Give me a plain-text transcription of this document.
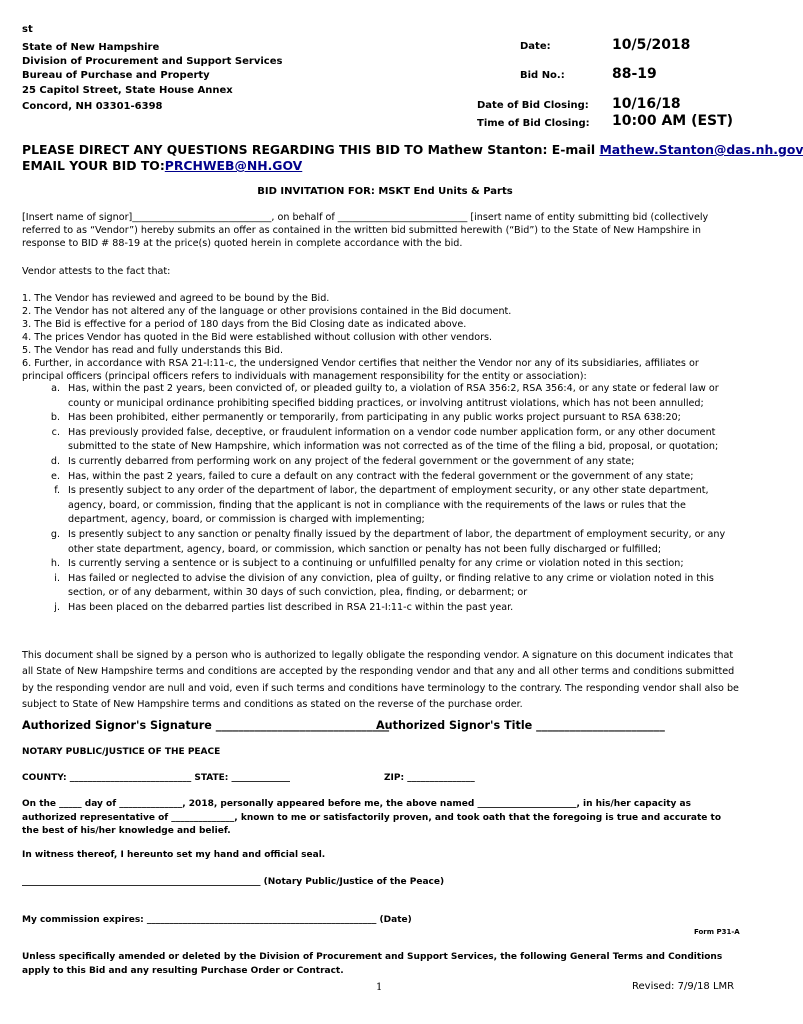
st
State of New Hampshire
Division of Procurement and Support Services
Bureau of Purchase and Property
25 Capitol Street, State House Annex
Concord, NH 03301-6398
Date:	10/5/2018
Bid No.:	88-19
Date of Bid Closing: 10/16/18
Time of Bid Closing: 10:00 AM (EST)
PLEASE DIRECT ANY QUESTIONS REGARDING THIS BID TO Mathew Stanton: E-mail Mathew.Stanton@das.nh.gov
EMAIL YOUR BID TO:PRCHWEB@NH.GOV
BID INVITATION FOR: MSKT End Units & Parts
[Insert name of signor]_____________________________, on behalf of ___________________________ [insert name of entity submitting bid (collectively referred to as “Vendor”) hereby submits an offer as contained in the written bid submitted herewith (“Bid”) to the State of New Hampshire in response to BID # 88-19 at the price(s) quoted herein in complete accordance with the bid.
Vendor attests to the fact that:
1. The Vendor has reviewed and agreed to be bound by the Bid.
2. The Vendor has not altered any of the language or other provisions contained in the Bid document.
3. The Bid is effective for a period of 180 days from the Bid Closing date as indicated above.
4. The prices Vendor has quoted in the Bid were established without collusion with other vendors.
5. The Vendor has read and fully understands this Bid.
6. Further, in accordance with RSA 21-I:11-c, the undersigned Vendor certifies that neither the Vendor nor any of its subsidiaries, affiliates or principal officers (principal officers refers to individuals with management responsibility for the entity or association):
a. Has, within the past 2 years, been convicted of, or pleaded guilty to, a violation of RSA 356:2, RSA 356:4, or any state or federal law or county or municipal ordinance prohibiting specified bidding practices, or involving antitrust violations, which has not been annulled;
b. Has been prohibited, either permanently or temporarily, from participating in any public works project pursuant to RSA 638:20;
c. Has previously provided false, deceptive, or fraudulent information on a vendor code number application form, or any other document submitted to the state of New Hampshire, which information was not corrected as of the time of the filing a bid, proposal, or quotation;
d. Is currently debarred from performing work on any project of the federal government or the government of any state;
e. Has, within the past 2 years, failed to cure a default on any contract with the federal government or the government of any state;
f. Is presently subject to any order of the department of labor, the department of employment security, or any other state department, agency, board, or commission, finding that the applicant is not in compliance with the requirements of the laws or rules that the department, agency, board, or commission is charged with implementing;
g. Is presently subject to any sanction or penalty finally issued by the department of labor, the department of employment security, or any other state department, agency, board, or commission, which sanction or penalty has not been fully discharged or fulfilled;
h. Is currently serving a sentence or is subject to a continuing or unfulfilled penalty for any crime or violation noted in this section;
i. Has failed or neglected to advise the division of any conviction, plea of guilty, or finding relative to any crime or violation noted in this section, or of any debarment, within 30 days of such conviction, plea, finding, or debarment; or
j. Has been placed on the debarred parties list described in RSA 21-I:11-c within the past year.
This document shall be signed by a person who is authorized to legally obligate the responding vendor. A signature on this document indicates that all State of New Hampshire terms and conditions are accepted by the responding vendor and that any and all other terms and conditions submitted by the responding vendor are null and void, even if such terms and conditions have terminology to the contrary. The responding vendor shall also be subject to State of New Hampshire terms and conditions as stated on the reverse of the purchase order.
Authorized Signor's Signature _______________________________
Authorized Signor's Title _______________________
NOTARY PUBLIC/JUSTICE OF THE PEACE
COUNTY: ___________________________ STATE: _____________	ZIP: _______________
On the _____ day of ______________, 2018, personally appeared before me, the above named ______________________, in his/her capacity as authorized representative of ______________, known to me or satisfactorily proven, and took oath that the foregoing is true and accurate to the best of his/her knowledge and belief.
In witness thereof, I hereunto set my hand and official seal.
_____________________________________________________ (Notary Public/Justice of the Peace)
My commission expires: ___________________________________________________ (Date)
Form P31-A
Unless specifically amended or deleted by the Division of Procurement and Support Services, the following General Terms and Conditions apply to this Bid and any resulting Purchase Order or Contract.
1	Revised: 7/9/18 LMR
